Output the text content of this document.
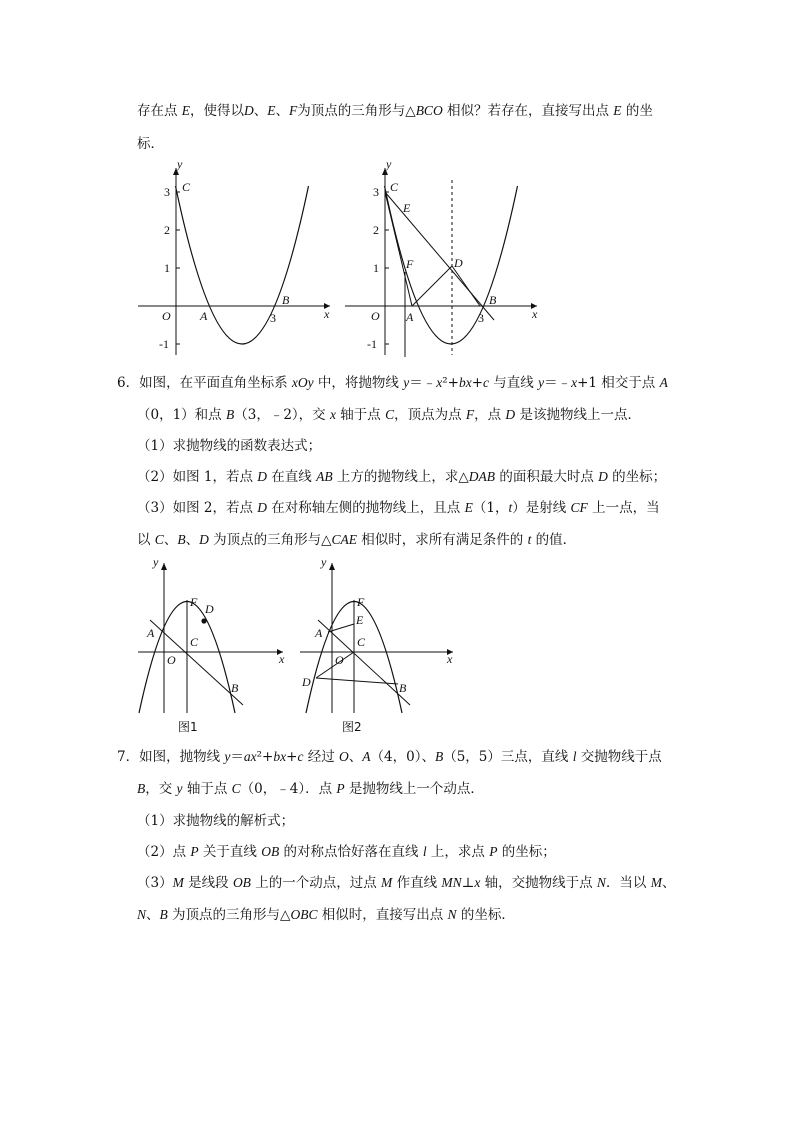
存在点 E，使得以D、E、F为顶点的三角形与△BCO 相似？若存在，直接写出点 E 的坐
标．
y
x
O
3
2
1
-1
3
C
A
B
y
x
O
3
2
1
-1
3
C
E
F	D
A
B
6．如图，在平面直角坐标系 xOy 中，将抛物线 y＝﹣x²+bx+c 与直线 y＝﹣x+1 相交于点 A
（0，1）和点 B（3，﹣2），交 x 轴于点 C，顶点为点 F，点 D 是该抛物线上一点．
（1）求抛物线的函数表达式；
（2）如图 1，若点 D 在直线 AB 上方的抛物线上，求△DAB 的面积最大时点 D 的坐标；
（3）如图 2，若点 D 在对称轴左侧的抛物线上，且点 E（1，t）是射线 CF 上一点，当
以 C、B、D 为顶点的三角形与△CAE 相似时，求所有满足条件的 t 的值．
y
x
O
F D
A
C
B
图1
y
x
O
F
E
A
C
D	B
图2
7．如图，抛物线 y＝ax²+bx+c 经过 O、A（4，0）、B（5，5）三点，直线 l 交抛物线于点
B，交 y 轴于点 C（0，﹣4）．点 P 是抛物线上一个动点．
（1）求抛物线的解析式；
（2）点 P 关于直线 OB 的对称点恰好落在直线 l 上，求点 P 的坐标；
（3）M 是线段 OB 上的一个动点，过点 M 作直线 MN⊥x 轴，交抛物线于点 N．当以 M、
N、B 为顶点的三角形与△OBC 相似时，直接写出点 N 的坐标．
